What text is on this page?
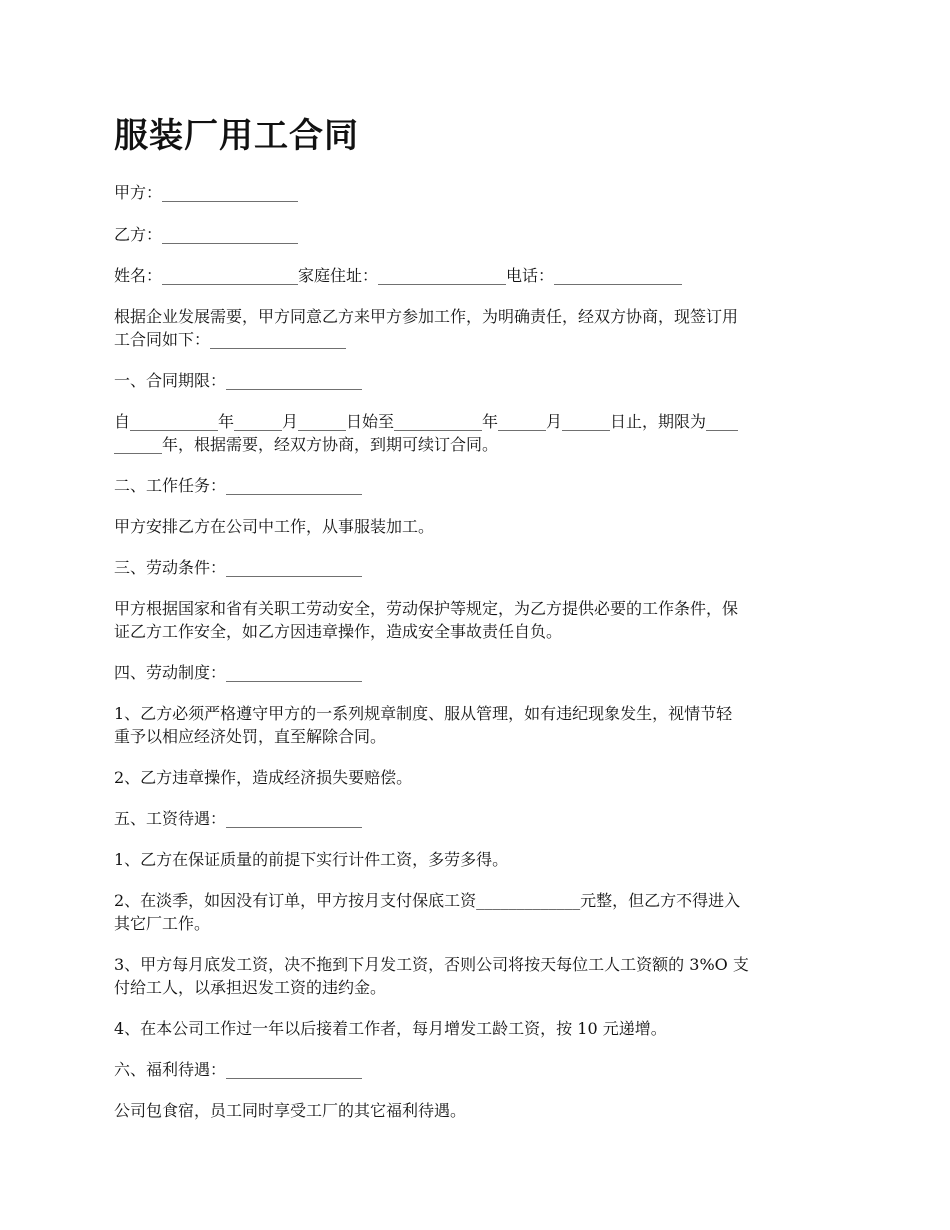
服装厂用工合同

甲方：_________________

乙方：_________________

姓名：_________________家庭住址：________________电话：________________

根据企业发展需要，甲方同意乙方来甲方参加工作，为明确责任，经双方协商，现签订用

工合同如下：_________________

一、合同期限：_________________

自___________年______月______日始至___________年______月______日止，期限为____

______年，根据需要，经双方协商，到期可续订合同。

二、工作任务：_________________

甲方安排乙方在公司中工作，从事服装加工。

三、劳动条件：_________________

甲方根据国家和省有关职工劳动安全，劳动保护等规定，为乙方提供必要的工作条件，保

证乙方工作安全，如乙方因违章操作，造成安全事故责任自负。

四、劳动制度：_________________

1、乙方必须严格遵守甲方的一系列规章制度、服从管理，如有违纪现象发生，视情节轻

重予以相应经济处罚，直至解除合同。

2、乙方违章操作，造成经济损失要赔偿。

五、工资待遇：_________________

1、乙方在保证质量的前提下实行计件工资，多劳多得。

2、在淡季，如因没有订单，甲方按月支付保底工资_____________元整，但乙方不得进入

其它厂工作。

3、甲方每月底发工资，决不拖到下月发工资，否则公司将按天每位工人工资额的 3%O 支

付给工人，以承担迟发工资的违约金。

4、在本公司工作过一年以后接着工作者，每月增发工龄工资，按 10 元递增。

六、福利待遇：_________________

公司包食宿，员工同时享受工厂的其它福利待遇。
